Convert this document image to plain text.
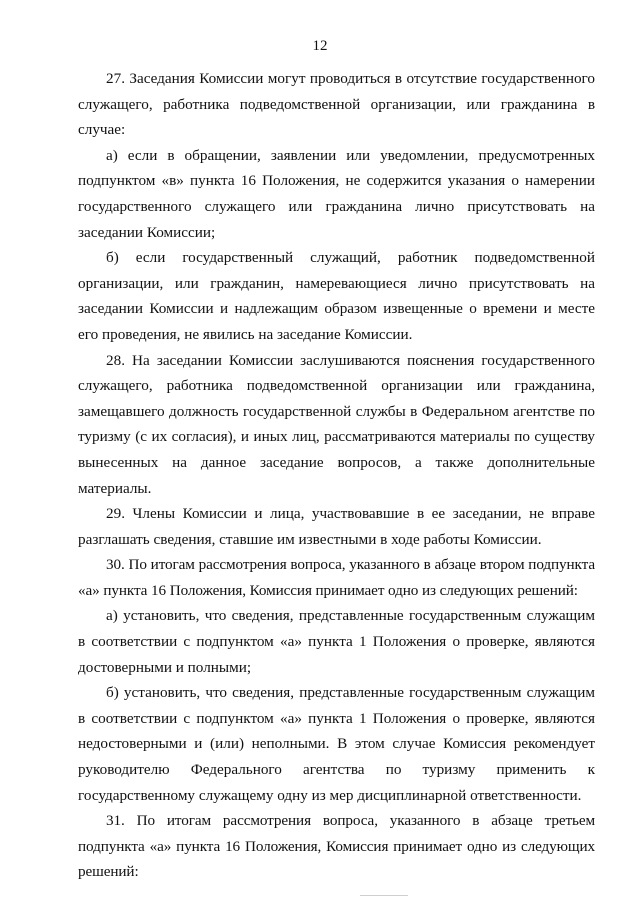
12

27. Заседания Комиссии могут проводиться в отсутствие государственного служащего, работника подведомственной организации, или гражданина в случае:

а) если в обращении, заявлении или уведомлении, предусмотренных подпунктом «в» пункта 16 Положения, не содержится указания о намерении государственного служащего или гражданина лично присутствовать на заседании Комиссии;

б) если государственный служащий, работник подведомственной организации, или гражданин, намеревающиеся лично присутствовать на заседании Комиссии и надлежащим образом извещенные о времени и месте его проведения, не явились на заседание Комиссии.

28. На заседании Комиссии заслушиваются пояснения государственного служащего, работника подведомственной организации или гражданина, замещавшего должность государственной службы в Федеральном агентстве по туризму (с их согласия), и иных лиц, рассматриваются материалы по существу вынесенных на данное заседание вопросов, а также дополнительные материалы.

29. Члены Комиссии и лица, участвовавшие в ее заседании, не вправе разглашать сведения, ставшие им известными в ходе работы Комиссии.

30. По итогам рассмотрения вопроса, указанного в абзаце втором подпункта «а» пункта 16 Положения, Комиссия принимает одно из следующих решений:

а) установить, что сведения, представленные государственным служащим в соответствии с подпунктом «а» пункта 1 Положения о проверке, являются достоверными и полными;

б) установить, что сведения, представленные государственным служащим в соответствии с подпунктом «а» пункта 1 Положения о проверке, являются недостоверными и (или) неполными. В этом случае Комиссия рекомендует руководителю Федерального агентства по туризму применить к государственному служащему одну из мер дисциплинарной ответственности.

31. По итогам рассмотрения вопроса, указанного в абзаце третьем подпункта «а» пункта 16 Положения, Комиссия принимает одно из следующих решений:
